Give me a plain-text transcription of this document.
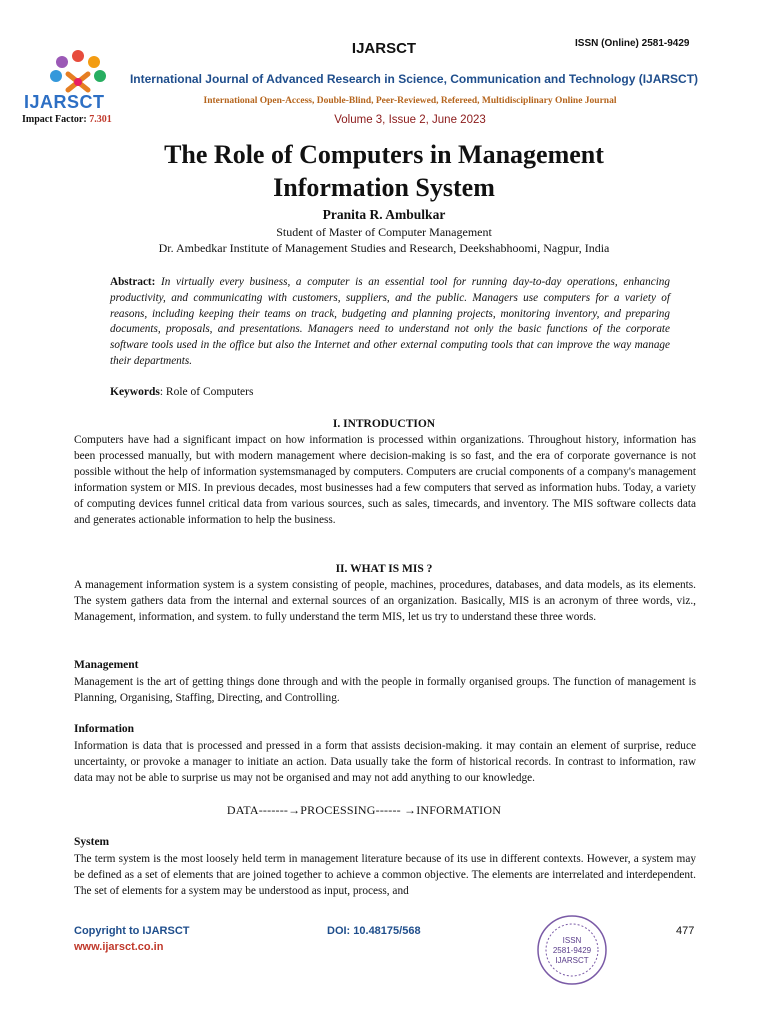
IJARSCT
Impact Factor: 7.301
IJARSCT	ISSN (Online) 2581-9429
International Journal of Advanced Research in Science, Communication and Technology (IJARSCT)
International Open-Access, Double-Blind, Peer-Reviewed, Refereed, Multidisciplinary Online Journal
Volume 3, Issue 2, June 2023
The Role of Computers in Management
Information System
Pranita R. Ambulkar
Student of Master of Computer Management
Dr. Ambedkar Institute of Management Studies and Research, Deekshabhoomi, Nagpur, India
Abstract: In virtually every business, a computer is an essential tool for running day-to-day operations, enhancing productivity, and communicating with customers, suppliers, and the public. Managers use computers for a variety of reasons, including keeping their teams on track, budgeting and planning projects, monitoring inventory, and preparing documents, proposals, and presentations. Managers need to understand not only the basic functions of the corporate software tools used in the office but also the Internet and other external computing tools that can improve the way manage their departments.
Keywords: Role of Computers
I. INTRODUCTION
Computers have had a significant impact on how information is processed within organizations. Throughout history, information has been processed manually, but with modern management where decision-making is so fast, and the era of corporate governance is not possible without the help of information systemsmanaged by computers. Computers are crucial components of a company's management information system or MIS. In previous decades, most businesses had a few computers that served as information hubs. Today, a variety of computing devices funnel critical data from various sources, such as sales, timecards, and inventory. The MIS software collects data and generates actionable information to help the business.
II. WHAT IS MIS ?
A management information system is a system consisting of people, machines, procedures, databases, and data models, as its elements. The system gathers data from the internal and external sources of an organization. Basically, MIS is an acronym of three words, viz., Management, information, and system. to fully understand the term MIS, let us try to understand these three words.
Management
Management is the art of getting things done through and with the people in formally organised groups. The function of management is Planning, Organising, Staffing, Directing, and Controlling.
Information
Information is data that is processed and pressed in a form that assists decision-making. it may contain an element of surprise, reduce uncertainty, or provoke a manager to initiate an action. Data usually take the form of historical records. In contrast to information, raw data may not be able to surprise us may not be organised and may not add anything to our knowledge.
DATA-------→PROCESSING------ →INFORMATION
System
The term system is the most loosely held term in management literature because of its use in different contexts. However, a system may be defined as a set of elements that are joined together to achieve a common objective. The elements are interrelated and interdependent. The set of elements for a system may be understood as input, process, and
Copyright to IJARSCT
www.ijarsct.co.in
DOI: 10.48175/568	477
ISSN
2581-9429
IJARSCT
